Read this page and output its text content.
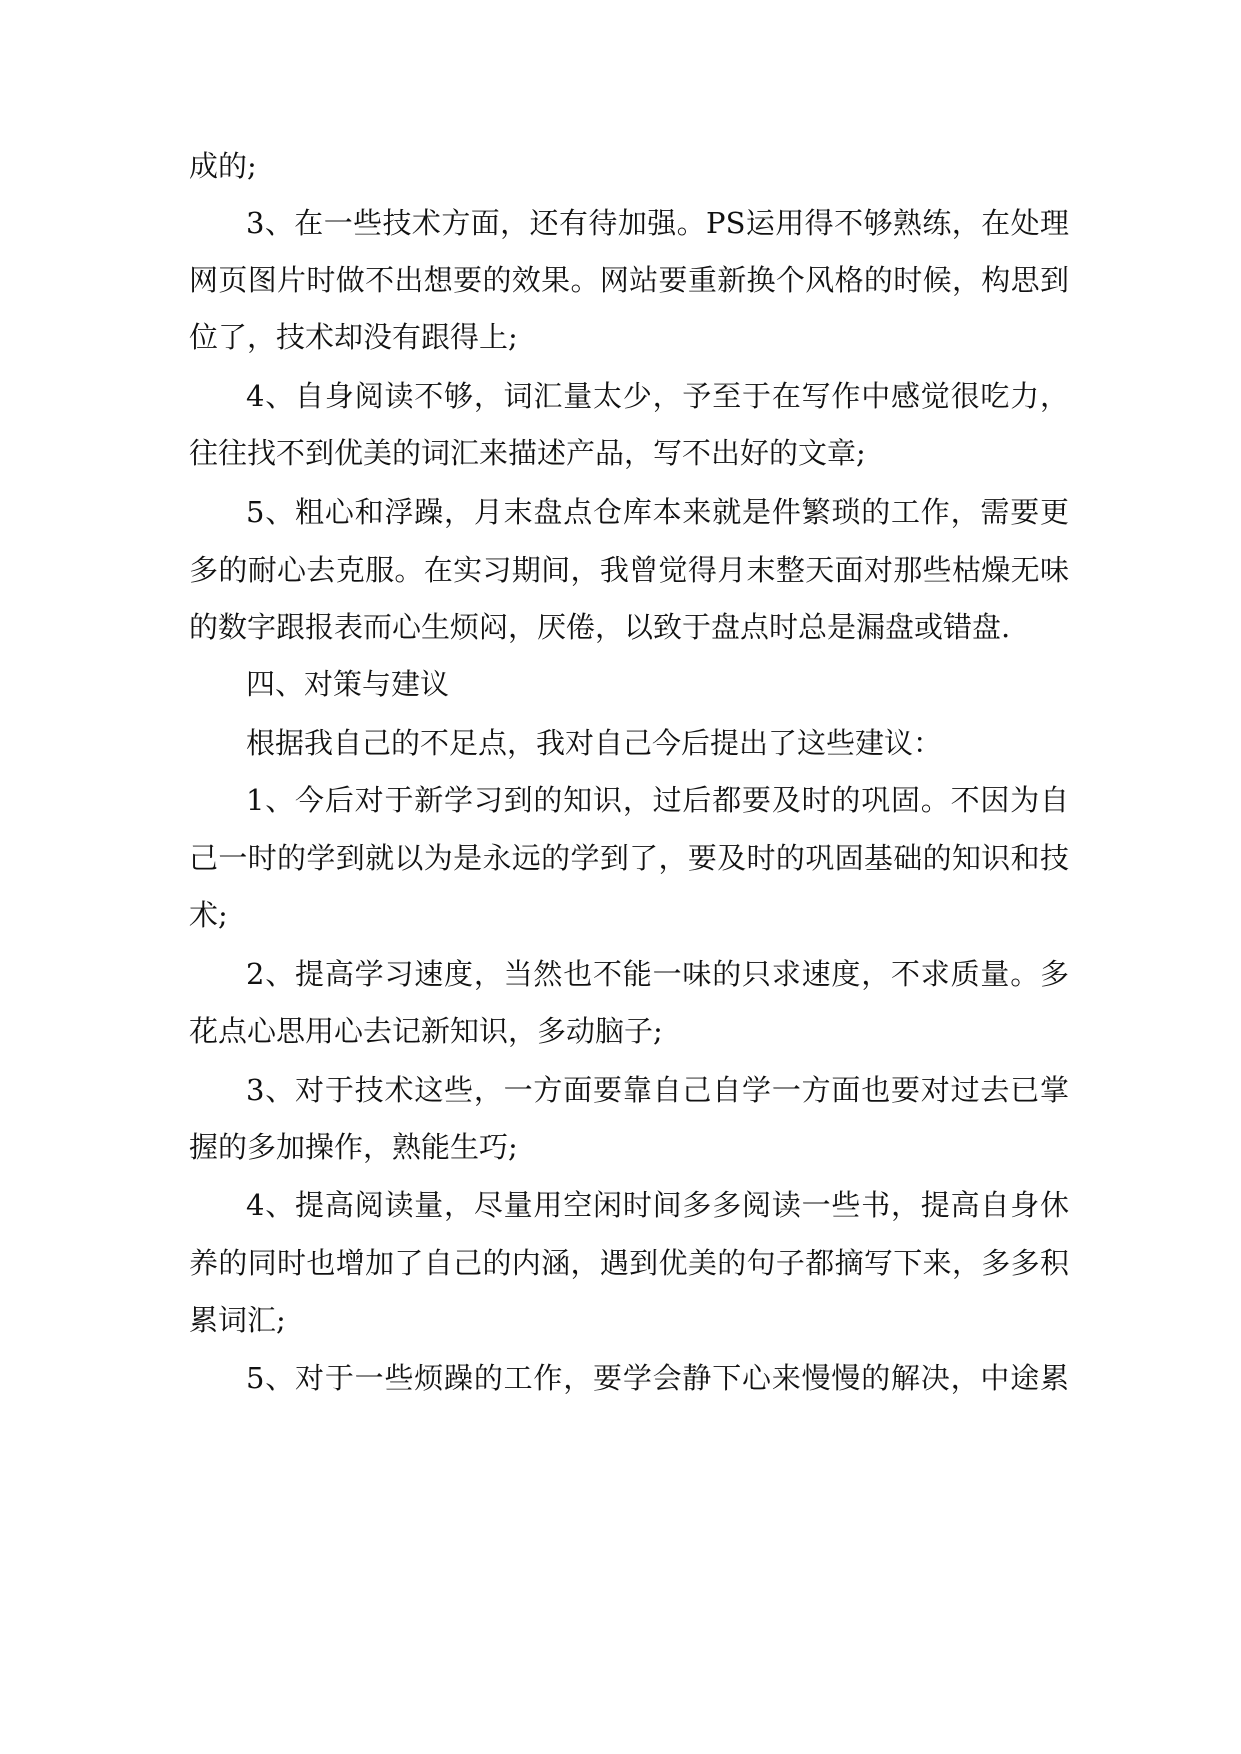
成的;

3、在一些技术方面，还有待加强。PS运用得不够熟练，在处理

网页图片时做不出想要的效果。网站要重新换个风格的时候，构思到

位了，技术却没有跟得上;

4、自身阅读不够，词汇量太少，予至于在写作中感觉很吃力，

往往找不到优美的词汇来描述产品，写不出好的文章;

5、粗心和浮躁，月末盘点仓库本来就是件繁琐的工作，需要更

多的耐心去克服。在实习期间，我曾觉得月末整天面对那些枯燥无味

的数字跟报表而心生烦闷，厌倦，以致于盘点时总是漏盘或错盘.

四、对策与建议

根据我自己的不足点，我对自己今后提出了这些建议：

1、今后对于新学习到的知识，过后都要及时的巩固。不因为自

己一时的学到就以为是永远的学到了，要及时的巩固基础的知识和技

术;

2、提高学习速度，当然也不能一味的只求速度，不求质量。多

花点心思用心去记新知识，多动脑子;

3、对于技术这些，一方面要靠自己自学一方面也要对过去已掌

握的多加操作，熟能生巧;

4、提高阅读量，尽量用空闲时间多多阅读一些书，提高自身休

养的同时也增加了自己的内涵，遇到优美的句子都摘写下来，多多积

累词汇;

5、对于一些烦躁的工作，要学会静下心来慢慢的解决，中途累
